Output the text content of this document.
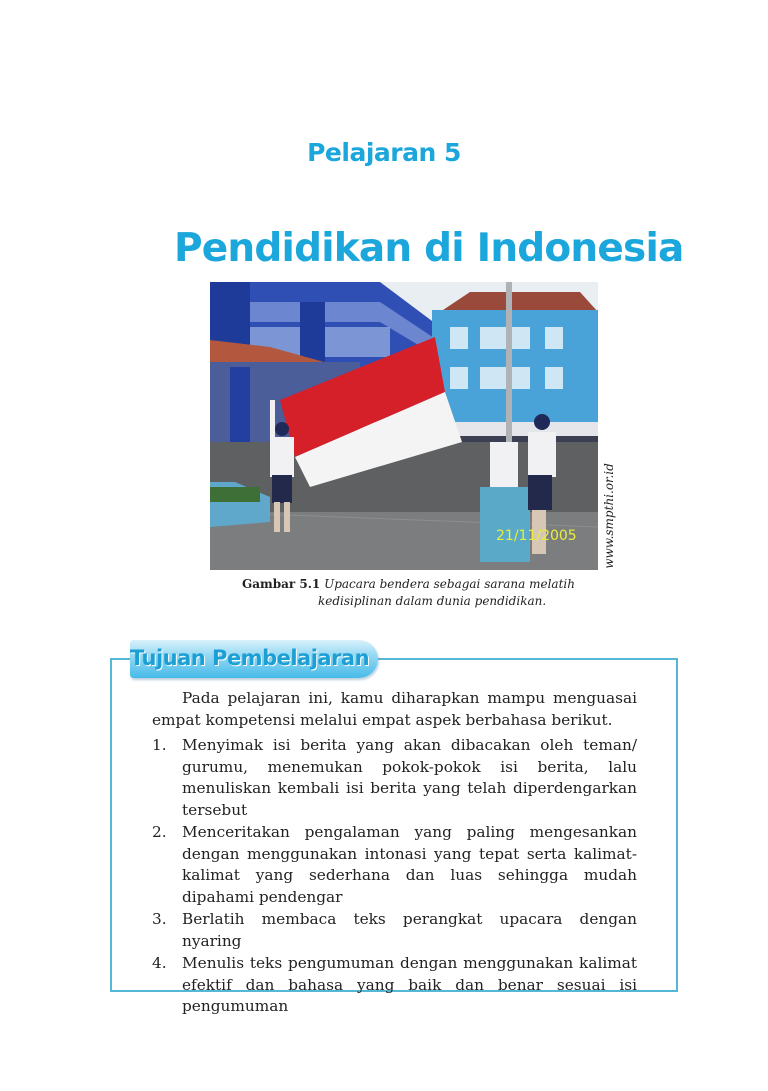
Pelajaran 5
Pendidikan di Indonesia
21/11/2005 www.smpthi.or.id
Gambar 5.1 Upacara bendera sebagai sarana melatih
kedisiplinan dalam dunia pendidikan.
Tujuan Pembelajaran

Pada pelajaran ini, kamu diharapkan mampu menguasai empat kompetensi melalui empat aspek berbahasa berikut.

1. Menyimak isi berita yang akan dibacakan oleh teman/ gurumu, menemukan pokok-pokok isi berita, lalu menuliskan kembali isi berita yang telah diperdengarkan tersebut
2. Menceritakan pengalaman yang paling mengesankan dengan menggunakan intonasi yang tepat serta kalimat-kalimat yang sederhana dan luas sehingga mudah dipahami pendengar
3. Berlatih membaca teks perangkat upacara dengan nyaring
4. Menulis teks pengumuman dengan menggunakan kalimat efektif dan bahasa yang baik dan benar sesuai isi pengumuman
